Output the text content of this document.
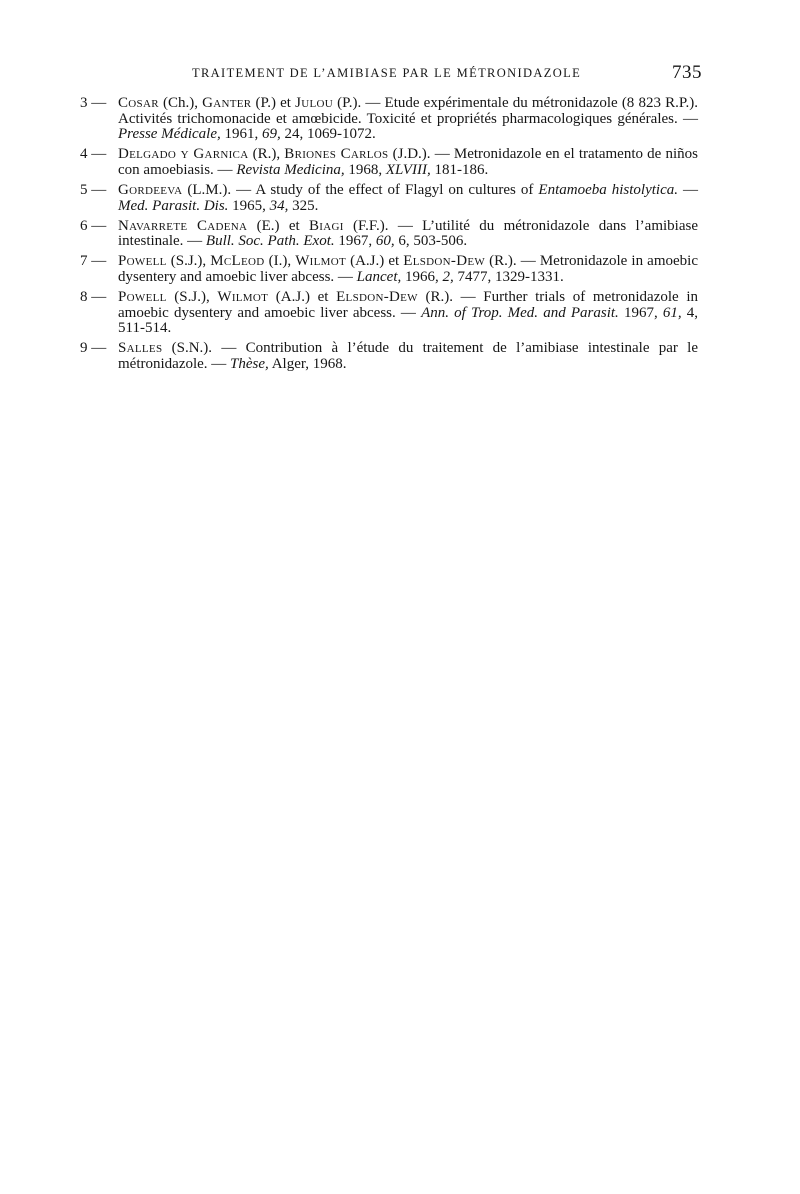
TRAITEMENT DE L’AMIBIASE PAR LE MÉTRONIDAZOLE	735
3 — Cosar (Ch.), Ganter (P.) et Julou (P.). — Etude expérimentale du métronidazole (8 823 R.P.). Activités trichomonacide et amœbicide. Toxicité et propriétés pharmacologiques générales. — Presse Médicale, 1961, 69, 24, 1069-1072.
4 — Delgado y Garnica (R.), Briones Carlos (J.D.). — Metronidazole en el tratamento de niños con amoebiasis. — Revista Medicina, 1968, XLVIII, 181-186.
5 — Gordeeva (L.M.). — A study of the effect of Flagyl on cultures of Entamoeba histolytica. — Med. Parasit. Dis. 1965, 34, 325.
6 — Navarrete Cadena (E.) et Biagi (F.F.). — L’utilité du métronidazole dans l’amibiase intestinale. — Bull. Soc. Path. Exot. 1967, 60, 6, 503-506.
7 — Powell (S.J.), McLeod (I.), Wilmot (A.J.) et Elsdon-Dew (R.). — Metronidazole in amoebic dysentery and amoebic liver abcess. — Lancet, 1966, 2, 7477, 1329-1331.
8 — Powell (S.J.), Wilmot (A.J.) et Elsdon-Dew (R.). — Further trials of metronidazole in amoebic dysentery and amoebic liver abcess. — Ann. of Trop. Med. and Parasit. 1967, 61, 4, 511-514.
9 — Salles (S.N.). — Contribution à l’étude du traitement de l’amibiase intestinale par le métronidazole. — Thèse, Alger, 1968.
